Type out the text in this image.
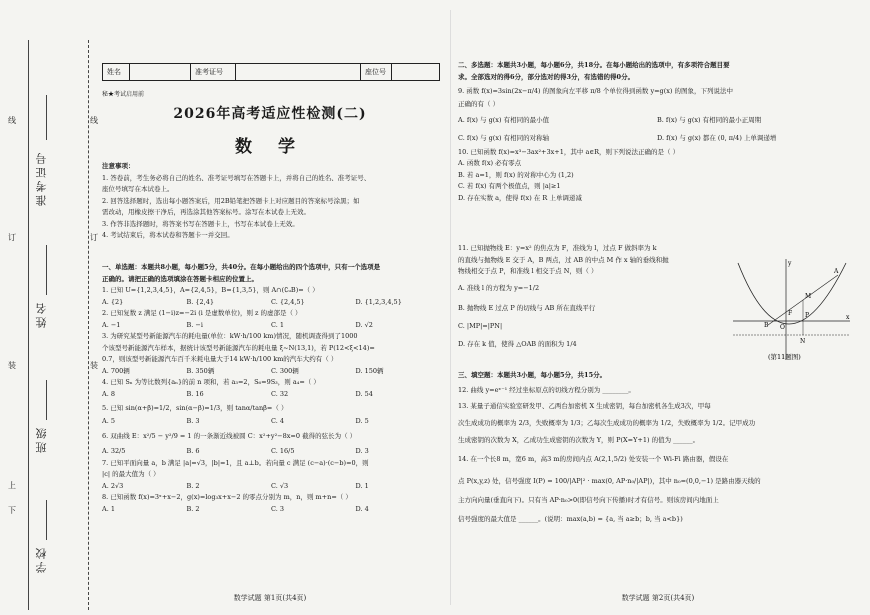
准考证号
姓名
班级
学校
线
订
装
上
下
线
订
装
姓名	准考证号	座位号
秘★考试启用前
2026年高考适应性检测(二)
数 学
注意事项：
1. 答卷前，考生务必将自己的姓名、准考证号填写在答题卡上，并将自己的姓名、准考证号、
座位号填写在本试卷上。
2. 回答选择题时，选出每小题答案后，用2B铅笔把答题卡上对应题目的答案标号涂黑；如
需改动，用橡皮擦干净后，再选涂其他答案标号。涂写在本试卷上无效。
3. 作答非选择题时，将答案书写在答题卡上，书写在本试卷上无效。
4. 考试结束后，将本试卷和答题卡一并交回。
一、单选题：本题共8小题，每小题5分，共40分。在每小题给出的四个选项中，只有一个选项是
正确的。请把正确的选项填涂在答题卡相应的位置上。
1. 已知 U={1,2,3,4,5}，A={2,4,5}，B={1,3,5}，则 A∩(∁ᵤB)=（ ）
A. {2}	B. {2,4}	C. {2,4,5}	D. {1,2,3,4,5}
2. 已知复数 z 满足 (1−i)z=−2i (i 是虚数单位)，则 z 的虚部是（ ）
A. −1	B. −i	C. 1	D. √2
3. 为研究某型号新能源汽车的耗电量(单位：kW·h/100 km)情况，随机调查得到了1000
个该型号新能源汽车样本，据统计该型号新能源汽车的耗电量 ξ~N(13,1)，若 P(12<ξ<14)=
0.7，则该型号新能源汽车百千米耗电量大于14 kW·h/100 km的汽车大约有（ ）
A. 700辆	B. 350辆	C. 300辆	D. 150辆
4. 已知 Sₙ 为等比数列{aₙ}的前 n 项和，若 a₃=2，S₆=9S₃，则 a₄=（ ）
A. 8	B. 16	C. 32	D. 54
5. 已知 sin(α+β)=1/2，sin(α−β)=1/3，则 tanα/tanβ=（ ）
A. 5	B. 3	C. 4	D. 5
6. 双曲线 E：x²/5 − y²/9 = 1 的一条渐近线被圆 C：x²+y²−8x=0 截得的弦长为（ ）
A. 32/5	B. 6	C. 16/5	D. 3
7. 已知平面向量 a，b 满足 |a|=√3，|b|=1，且 a⊥b。若向量 c 满足 (c−a)·(c−b)=0，则
|c| 的最大值为（ ）
A. 2√3	B. 2	C. √3	D. 1
8. 已知函数 f(x)=3ˣ+x−2，g(x)=log₃x+x−2 的零点分别为 m，n，则 m+n=（ ）
A. 1	B. 2	C. 3	D. 4
数学试题 第1页(共4页)
二、多选题：本题共3小题，每小题6分，共18分。在每小题给出的选项中，有多项符合题目要
求。全部选对的得6分，部分选对的得3分，有选错的得0分。
9. 函数 f(x)=3sin(2x−π/4) 的图象向左平移 π/8 个单位得到函数 y=g(x) 的图象，下列说法中
正确的有（ ）
A. f(x) 与 g(x) 有相同的最小值	B. f(x) 与 g(x) 有相同的最小正周期
C. f(x) 与 g(x) 有相同的对称轴	D. f(x) 与 g(x) 都在 (0, π/4) 上单调递增
10. 已知函数 f(x)=x³−3ax²+3x+1，其中 a∈R，则下列说法正确的是（ ）
A. 函数 f(x) 必有零点
B. 若 a=1，则 f(x) 的对称中心为 (1,2)
C. 若 f(x) 有两个极值点，则 |a|≥1
D. 存在实数 a，使得 f(x) 在 R 上单调递减
11. 已知抛物线 E：y=x² 的焦点为 F，准线为 l，过点 F 做斜率为 k
的直线与抛物线 E 交于 A，B 两点，过 AB 的中点 M 作 x 轴的垂线和抛
物线相交于点 P，和准线 l 相交于点 N，则（ ）
A. 准线 l 的方程为 y=−1/2
B. 抛物线 E 过点 P 的切线与 AB 所在直线平行
C. |MP|=|PN|
D. 存在 k 值，使得 △OAB 的面积为 1/4
y
x
O
A
B
M
P
N
F
(第11题图)
三、填空题：本题共3小题，每小题5分，共15分。
12. 曲线 y=eˣ⁻¹ 经过坐标原点的切线方程分别为 ________。
13. 某量子通信实验室研发甲、乙两台加密机 X 生成密钥，每台加密机各生成3次，甲每
次生成成功的概率为 2/3，失败概率为 1/3；乙每次生成成功的概率为 1/2，失败概率为 1/2。记甲成功
生成密钥的次数为 X，乙成功生成密钥的次数为 Y，则 P(X=Y+1) 的值为 ______。
14. 在一个长8 m，宽6 m，高3 m的房间内点 A(2,1,5/2) 处安装一个 Wi-Fi 路由器，假设在
点 P(x,y,z) 处，信号强度 I(P) = 100/|AP|² · max(0, AP·n₀/|AP|)，其中 n₀=(0,0,−1) 是路由器天线的
主方向向量(垂直向下)。只有当 AP·n₀>0(即信号向下传播)时才有信号。则该房间内地面上
信号强度的最大值是 ______。(说明：max(a,b) = {a, 当 a≥b；b, 当 a<b})
数学试题 第2页(共4页)
